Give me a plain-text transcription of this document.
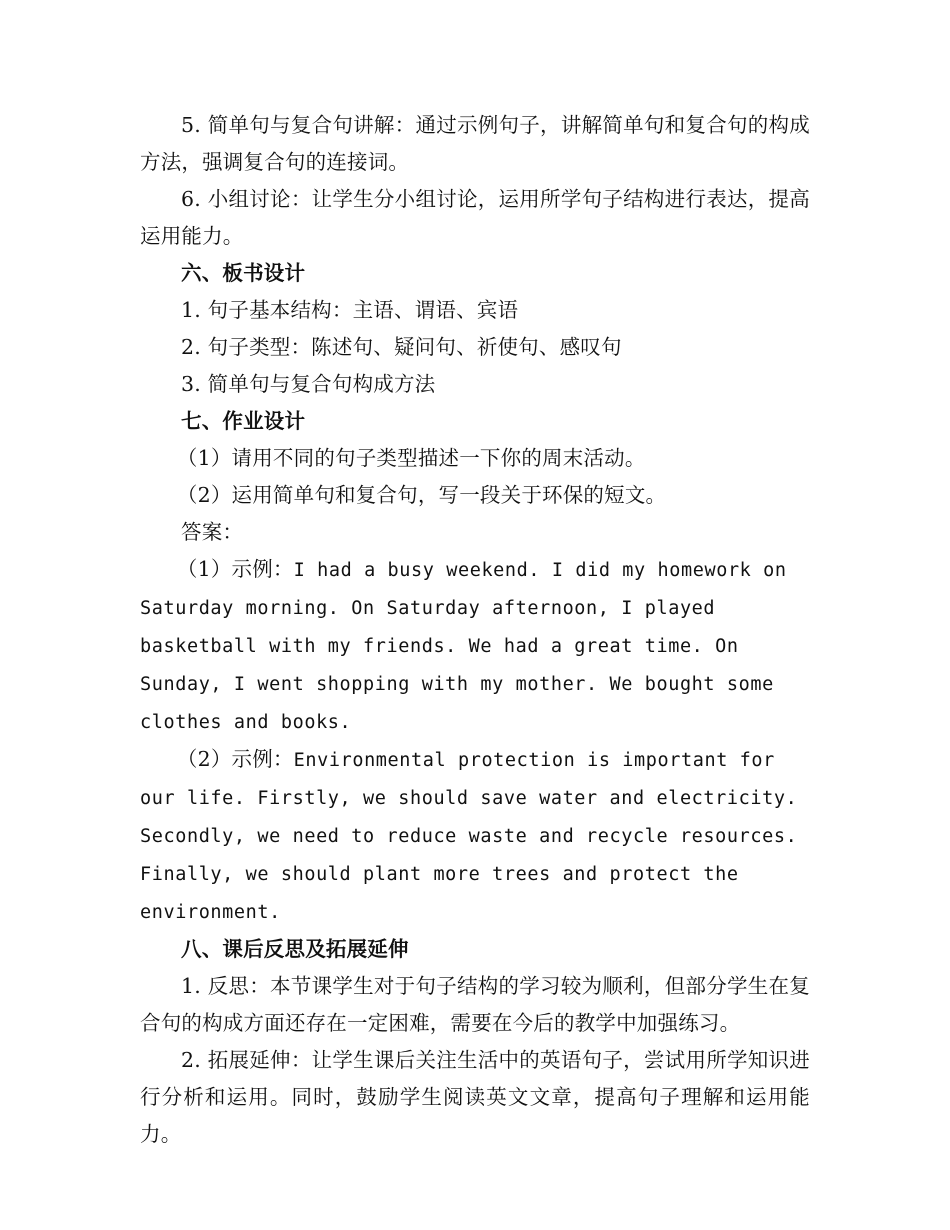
5. 简单句与复合句讲解：通过示例句子，讲解简单句和复合句的构成方法，强调复合句的连接词。

6. 小组讨论：让学生分小组讨论，运用所学句子结构进行表达，提高运用能力。

六、板书设计

1. 句子基本结构：主语、谓语、宾语

2. 句子类型：陈述句、疑问句、祈使句、感叹句

3. 简单句与复合句构成方法

七、作业设计

（1）请用不同的句子类型描述一下你的周末活动。

（2）运用简单句和复合句，写一段关于环保的短文。

答案：

（1）示例：I had a busy weekend. I did my homework on Saturday morning. On Saturday afternoon, I played basketball with my friends. We had a great time. On Sunday, I went shopping with my mother. We bought some clothes and books.

（2）示例：Environmental protection is important for our life. Firstly, we should save water and electricity. Secondly, we need to reduce waste and recycle resources. Finally, we should plant more trees and protect the environment.

八、课后反思及拓展延伸

1. 反思：本节课学生对于句子结构的学习较为顺利，但部分学生在复合句的构成方面还存在一定困难，需要在今后的教学中加强练习。

2. 拓展延伸：让学生课后关注生活中的英语句子，尝试用所学知识进行分析和运用。同时，鼓励学生阅读英文文章，提高句子理解和运用能力。
